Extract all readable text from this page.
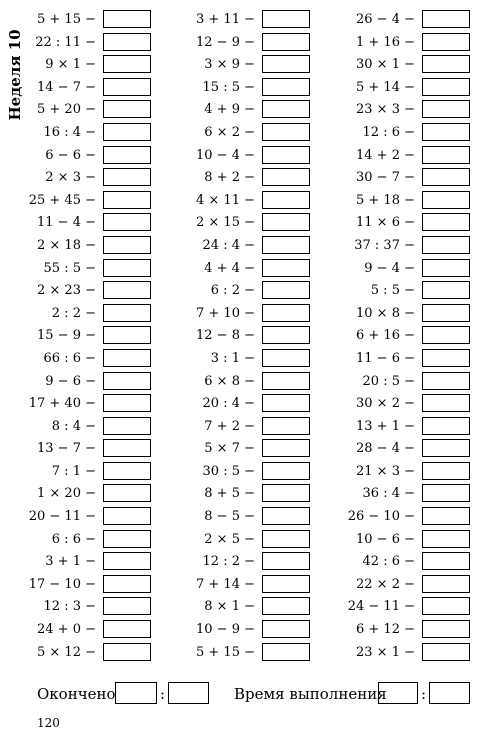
Неделя 10
5 + 15 −
22 : 11 −
9 × 1 −
14 − 7 −
5 + 20 −
16 : 4 −
6 − 6 −
2 × 3 −
25 + 45 −
11 − 4 −
2 × 18 −
55 : 5 −
2 × 23 −
2 : 2 −
15 − 9 −
66 : 6 −
9 − 6 −
17 + 40 −
8 : 4 −
13 − 7 −
7 : 1 −
1 × 20 −
20 − 11 −
6 : 6 −
3 + 1 −
17 − 10 −
12 : 3 −
24 + 0 −
5 × 12 −
3 + 11 −
12 − 9 −
3 × 9 −
15 : 5 −
4 + 9 −
6 × 2 −
10 − 4 −
8 + 2 −
4 × 11 −
2 × 15 −
24 : 4 −
4 + 4 −
6 : 2 −
7 + 10 −
12 − 8 −
3 : 1 −
6 × 8 −
20 : 4 −
7 + 2 −
5 × 7 −
30 : 5 −
8 + 5 −
8 − 5 −
2 × 5 −
12 : 2 −
7 + 14 −
8 × 1 −
10 − 9 −
5 + 15 −
26 − 4 −
1 + 16 −
30 × 1 −
5 + 14 −
23 × 3 −
12 : 6 −
14 + 2 −
30 − 7 −
5 + 18 −
11 × 6 −
37 : 37 −
9 − 4 −
5 : 5 −
10 × 8 −
6 + 16 −
11 − 6 −
20 : 5 −
30 × 2 −
13 + 1 −
28 − 4 −
21 × 3 −
36 : 4 −
26 − 10 −
10 − 6 −
42 : 6 −
22 × 2 −
24 − 11 −
6 + 12 −
23 × 1 −
Окончено	:	Время выполнения :
120
